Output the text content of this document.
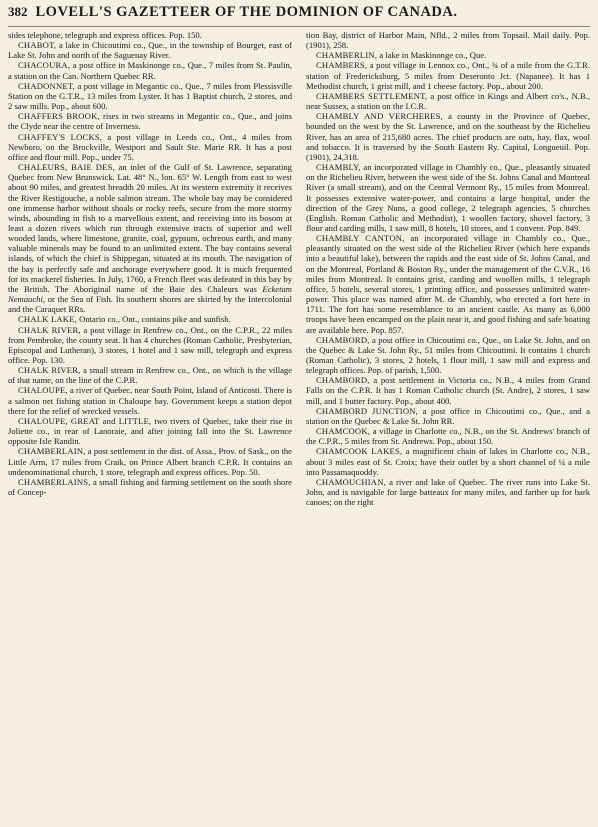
382 LOVELL'S GAZETTEER OF THE DOMINION OF CANADA.

sides telephone, telegraph and express offices. Pop. 150.

CHABOT, a lake in Chicoutimi co., Que., in the township of Bourget, east of Lake St. John and north of the Saguenay River.

CHACOURA, a post office in Maskinonge co., Que., 7 miles from St. Paulin, a station on the Can. Northern Quebec RR.

CHADONNET, a post village in Megantic co., Que., 7 miles from Plessisville Station on the G.T.R., 13 miles from Lyster. It has 1 Baptist church, 2 stores, and 2 saw mills. Pop., about 600.

CHAFFERS BROOK, rises in two streams in Megantic co., Que., and joins the Clyde near the centre of Inverness.

CHAFFEY'S LOCKS, a post village in Leeds co., Ont., 4 miles from Newboro, on the Brockville, Westport and Sault Ste. Marie RR. It has a post office and flour mill. Pop., under 75.

CHALEURS, BAIE DES, an inlet of the Gulf of St. Lawrence, separating Quebec from New Brunswick. Lat. 48° N., lon. 65° W. Length from east to west about 90 miles, and greatest breadth 20 miles. At its western extremity it receives the River Restigouche, a noble salmon stream. The whole bay may be considered one immense harbor without shoals or rocky reefs, secure from the more stormy winds, abounding in fish to a marvellous extent, and receiving into its bosom at least a dozen rivers which run through extensive tracts of superior and well wooded lands, where limestone, granite, coal, gypsum, ochreous earth, and many valuable minerals may be found to an unlimited extent. The bay contains several islands, of which the chief is Shippegan, situated at its mouth. The navigation of the bay is perfectly safe and anchorage everywhere good. It is much frequented for its mackerel fisheries. In July, 1760, a French fleet was defeated in this bay by the British. The Aboriginal name of the Baie des Chaleurs was Ecketam Nemauchi, or the Sea of Fish. Its southern shores are skirted by the Intercolonial and the Caraquet RRs.

CHALK LAKE, Ontario co., Ont., contains pike and sunfish.

CHALK RIVER, a post village in Renfrew co., Ont., on the C.P.R., 22 miles from Pembroke, the county seat. It has 4 churches (Roman Catholic, Presbyterian, Episcopal and Lutheran), 3 stores, 1 hotel and 1 saw mill, telegraph and express office. Pop. 130.

CHALK RIVER, a small stream in Renfrew co., Ont., on which is the village of that name, on the line of the C.P.R.

CHALOUPE, a river of Quebec, near South Point, Island of Anticosti. There is a salmon net fishing station in Chaloupe bay. Government keeps a station depot there for the relief of wrecked vessels.

CHALOUPE, GREAT and LITTLE, two rivers of Quebec, take their rise in Joliette co., in rear of Lanoraie, and after joining fall into the St. Lawrence opposite Isle Randin.

CHAMBERLAIN, a post settlement in the dist. of Assa., Prov. of Sask., on the Little Arm, 17 miles from Craik, on Prince Albert branch C.P.R. It contains an undenominational church, 1 store, telegraph and express offices. Pop. 50.

CHAMBERLAINS, a small fishing and farming settlement on the south shore of Concep-

tion Bay, district of Harbor Main, Nfld., 2 miles from Topsail. Mail daily. Pop. (1901), 258.

CHAMBERLIN, a lake in Maskinonge co., Que.

CHAMBERS, a post village in Lennox co., Ont., ¾ of a mile from the G.T.R. station of Fredericksburg, 5 miles from Deseronto Jct. (Napanee). It has 1 Methodist church, 1 grist mill, and 1 cheese factory. Pop., about 200.

CHAMBERS SETTLEMENT, a post office in Kings and Albert co's., N.B., near Sussex, a station on the I.C.R.

CHAMBLY AND VERCHERES, a county in the Province of Quebec, bounded on the west by the St. Lawrence, and on the southeast by the Richelieu River, has an area of 215,680 acres. The chief products are oats, hay, flax, wool and tobacco. It is traversed by the South Eastern Ry. Capital, Longueuil. Pop. (1901), 24,318.

CHAMBLY, an incorporated village in Chambly co., Que., pleasantly situated on the Richelieu River, between the west side of the St. Johns Canal and Montreal River (a small stream), and on the Central Vermont Ry., 15 miles from Montreal. It possesses extensive water-power, and contains a large hospital, under the direction of the Grey Nuns, a good college, 2 telegraph agencies, 5 churches (English. Roman Catholic and Methodist), 1 woollen factory, shovel factory, 3 flour and carding mills, 1 saw mill, 8 hotels, 10 stores, and 1 convent. Pop. 849.

CHAMBLY CANTON, an incorporated village in Chambly co., Que., pleasantly situated on the west side of the Richelieu River (which here expands into a beautiful lake), between the rapids and the east side of St. Johns Canal, and on the Montreal, Portland & Boston Ry., under the management of the C.V.R., 16 miles from Montreal. It contains grist, carding and woollen mills, 1 telegraph office, 5 hotels, several stores, 1 printing office, and possesses unlimited water-power. This place was named after M. de Chambly, who erected a fort here in 1711. The fort has some resemblance to an ancient castle. As many as 6,000 troops have been encamped on the plain near it, and good fishing and safe boating are available here. Pop. 857.

CHAMBORD, a post office in Chicoutimi co., Que., on Lake St. John, and on the Quebec & Lake St. John Ry., 51 miles from Chicoutimi. It contains 1 church (Roman Catholic), 3 stores, 2 hotels, 1 flour mill, 1 saw mill and express and telegraph offices. Pop. of parish, 1,500.

CHAMBORD, a post settlement in Victoria co., N.B., 4 miles from Grand Falls on the C.P.R. It has 1 Roman Catholic church (St. Andre), 2 stores, 1 saw mill, and 1 butter factory. Pop., about 400.

CHAMBORD JUNCTION, a post office in Chicoutimi co., Que., and a station on the Quebec & Lake St. John RR.

CHAMCOOK, a village in Charlotte co., N.B., on the St. Andrews' branch of the C.P.R., 5 miles from St. Andrews. Pop., about 150.

CHAMCOOK LAKES, a magnificent chain of lakes in Charlotte co., N.B., about 3 miles east of St. Croix; have their outlet by a short channel of ¼ a mile into Passamaquoddy.

CHAMOUCHIAN, a river and lake of Quebec. The river runs into Lake St. John, and is navigable for large batteaux for many miles, and farther up for bark canoes; on the right
